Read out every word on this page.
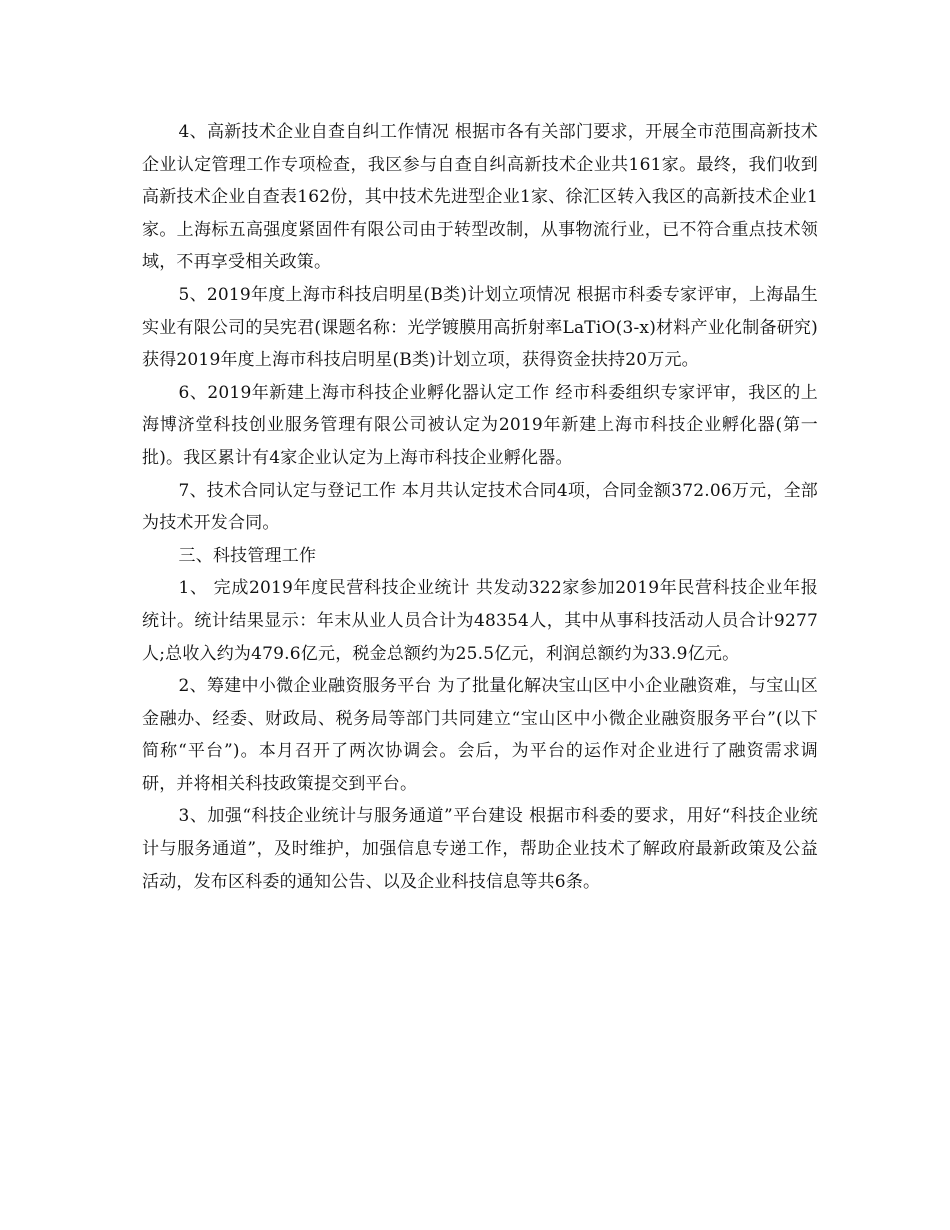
4、高新技术企业自查自纠工作情况 根据市各有关部门要求，开展全市范围高新技术企业认定管理工作专项检查，我区参与自查自纠高新技术企业共161家。最终，我们收到高新技术企业自查表162份，其中技术先进型企业1家、徐汇区转入我区的高新技术企业1家。上海标五高强度紧固件有限公司由于转型改制，从事物流行业，已不符合重点技术领域，不再享受相关政策。

5、2019年度上海市科技启明星(B类)计划立项情况 根据市科委专家评审，上海晶生实业有限公司的吴宪君(课题名称：光学镀膜用高折射率LaTiO(3-x)材料产业化制备研究)获得2019年度上海市科技启明星(B类)计划立项，获得资金扶持20万元。

6、2019年新建上海市科技企业孵化器认定工作 经市科委组织专家评审，我区的上海博济堂科技创业服务管理有限公司被认定为2019年新建上海市科技企业孵化器(第一批)。我区累计有4家企业认定为上海市科技企业孵化器。

7、技术合同认定与登记工作 本月共认定技术合同4项，合同金额372.06万元，全部为技术开发合同。

三、科技管理工作

1、 完成2019年度民营科技企业统计 共发动322家参加2019年民营科技企业年报统计。统计结果显示：年末从业人员合计为48354人，其中从事科技活动人员合计9277人;总收入约为479.6亿元，税金总额约为25.5亿元，利润总额约为33.9亿元。

2、筹建中小微企业融资服务平台 为了批量化解决宝山区中小企业融资难，与宝山区金融办、经委、财政局、税务局等部门共同建立“宝山区中小微企业融资服务平台”(以下简称“平台”)。本月召开了两次协调会。会后，为平台的运作对企业进行了融资需求调研，并将相关科技政策提交到平台。

3、加强“科技企业统计与服务通道”平台建设 根据市科委的要求，用好“科技企业统计与服务通道”，及时维护，加强信息专递工作，帮助企业技术了解政府最新政策及公益活动，发布区科委的通知公告、以及企业科技信息等共6条。
